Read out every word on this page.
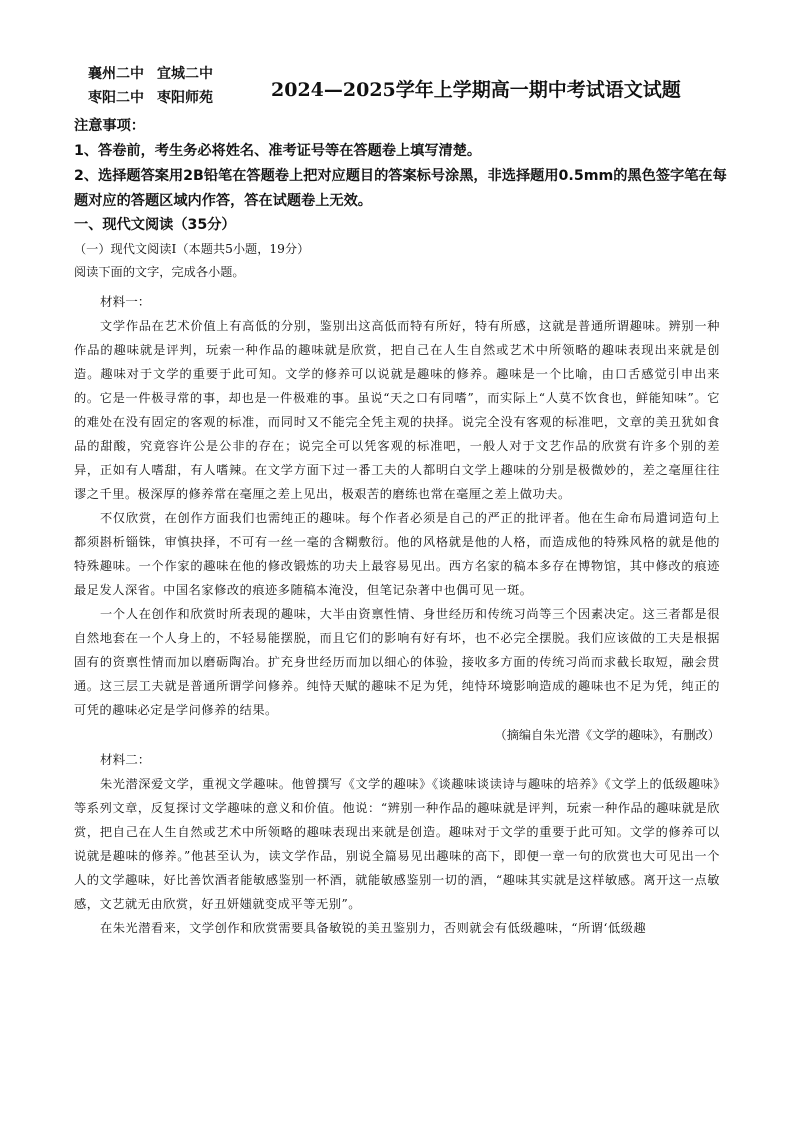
襄州二中 宜城二中
枣阳二中 枣阳师苑	2024—2025学年上学期高一期中考试语文试题
注意事项：
1、答卷前，考生务必将姓名、准考证号等在答题卷上填写清楚。
2、选择题答案用2B铅笔在答题卷上把对应题目的答案标号涂黑，非选择题用0.5mm的黑色签字笔在每题对应的答题区域内作答，答在试题卷上无效。
一、现代文阅读（35分）
（一）现代文阅读Ⅰ（本题共5小题，19分）
阅读下面的文字，完成各小题。
材料一：

文学作品在艺术价值上有高低的分别，鉴别出这高低而特有所好，特有所感，这就是普通所谓趣味。辨别一种作品的趣味就是评判，玩索一种作品的趣味就是欣赏，把自己在人生自然或艺术中所领略的趣味表现出来就是创造。趣味对于文学的重要于此可知。文学的修养可以说就是趣味的修养。趣味是一个比喻，由口舌感觉引申出来的。它是一件极寻常的事，却也是一件极难的事。虽说“天之口有同嗜”，而实际上“人莫不饮食也，鲜能知味”。它的难处在没有固定的客观的标准，而同时又不能完全凭主观的抉择。说完全没有客观的标准吧，文章的美丑犹如食品的甜酸，究竟容许公是公非的存在；说完全可以凭客观的标准吧，一般人对于文艺作品的欣赏有许多个别的差异，正如有人嗜甜，有人嗜辣。在文学方面下过一番工夫的人都明白文学上趣味的分别是极微妙的，差之毫厘往往谬之千里。极深厚的修养常在毫厘之差上见出，极艰苦的磨练也常在毫厘之差上做功夫。

不仅欣赏，在创作方面我们也需纯正的趣味。每个作者必须是自己的严正的批评者。他在生命布局遣词造句上都须斟析锱铢，审慎抉择，不可有一丝一毫的含糊敷衍。他的风格就是他的人格，而造成他的特殊风格的就是他的特殊趣味。一个作家的趣味在他的修改锻炼的功夫上最容易见出。西方名家的稿本多存在博物馆，其中修改的痕迹最足发人深省。中国名家修改的痕迹多随稿本淹没，但笔记杂著中也偶可见一斑。

一个人在创作和欣赏时所表现的趣味，大半由资禀性情、身世经历和传统习尚等三个因素决定。这三者都是很自然地套在一个人身上的，不轻易能摆脱，而且它们的影响有好有坏，也不必完全摆脱。我们应该做的工夫是根据固有的资禀性情而加以磨砺陶冶。扩充身世经历而加以细心的体验，接收多方面的传统习尚而求截长取短，融会贯通。这三层工夫就是普通所谓学问修养。纯恃天赋的趣味不足为凭，纯恃环境影响造成的趣味也不足为凭，纯正的可凭的趣味必定是学问修养的结果。

（摘编自朱光潜《文学的趣味》，有删改）
材料二：

朱光潜深爱文学，重视文学趣味。他曾撰写《文学的趣味》《谈趣味谈读诗与趣味的培养》《文学上的低级趣味》等系列文章，反复探讨文学趣味的意义和价值。他说：“辨别一种作品的趣味就是评判，玩索一种作品的趣味就是欣赏，把自己在人生自然或艺术中所领略的趣味表现出来就是创造。趣味对于文学的重要于此可知。文学的修养可以说就是趣味的修养。”他甚至认为，读文学作品，别说全篇易见出趣味的高下，即便一章一句的欣赏也大可见出一个人的文学趣味，好比善饮酒者能敏感鉴别一杯酒，就能敏感鉴别一切的酒，“趣味其实就是这样敏感。离开这一点敏感，文艺就无由欣赏，好丑妍媸就变成平等无别”。

在朱光潜看来，文学创作和欣赏需要具备敏锐的美丑鉴别力，否则就会有低级趣味，“所谓‘低级趣
